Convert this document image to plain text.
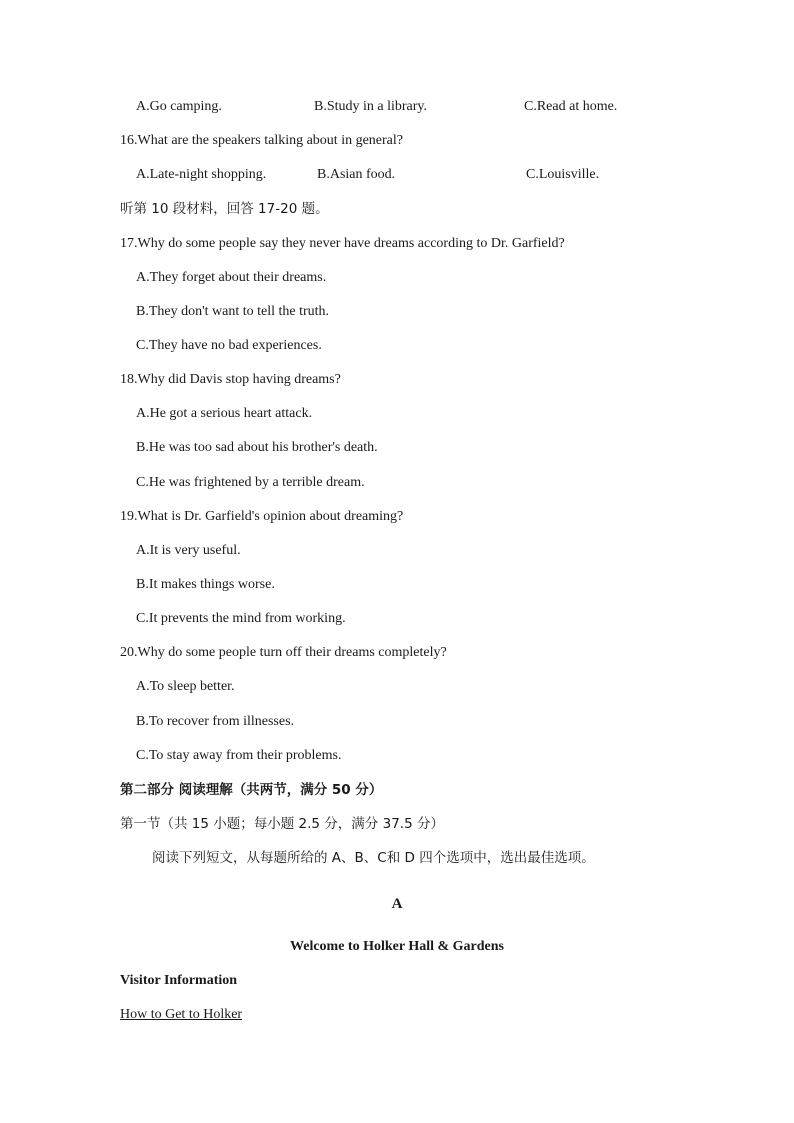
A.Go camping.	B.Study in a library.	C.Read at home.
16.What are the speakers talking about in general?
A.Late-night shopping.	B.Asian food.	C.Louisville.
听第 10 段材料，回答 17-20 题。
17.Why do some people say they never have dreams according to Dr. Garfield?
A.They forget about their dreams.
B.They don't want to tell the truth.
C.They have no bad experiences.
18.Why did Davis stop having dreams?
A.He got a serious heart attack.
B.He was too sad about his brother's death.
C.He was frightened by a terrible dream.
19.What is Dr. Garfield's opinion about dreaming?
A.It is very useful.
B.It makes things worse.
C.It prevents the mind from working.
20.Why do some people turn off their dreams completely?
A.To sleep better.
B.To recover from illnesses.
C.To stay away from their problems.
第二部分 阅读理解（共两节，满分 50 分）
第一节（共 15 小题；每小题 2.5 分，满分 37.5 分）
阅读下列短文，从每题所给的 A、B、C和 D 四个选项中，选出最佳选项。
A
Welcome to Holker Hall & Gardens
Visitor Information
How to Get to Holker
